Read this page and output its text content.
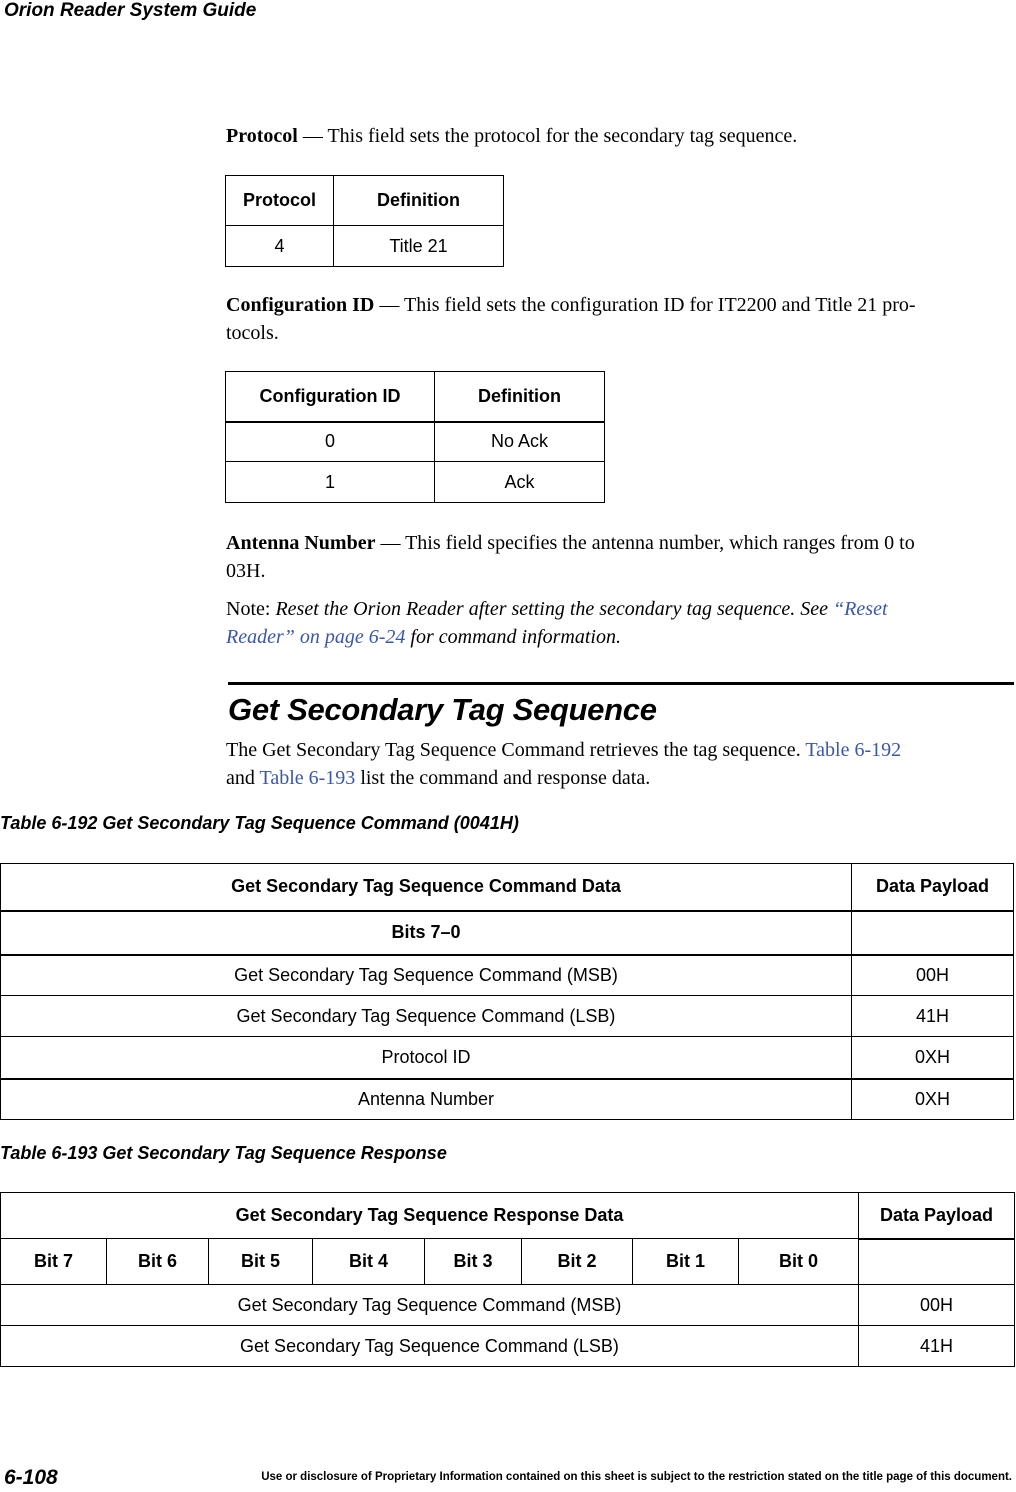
Orion Reader System Guide
Protocol — This field sets the protocol for the secondary tag sequence.
Protocol	Definition
4	Title 21
Configuration ID — This field sets the configuration ID for IT2200 and Title 21 pro-
tocols.
Configuration ID	Definition
0	No Ack
1	Ack
Antenna Number — This field specifies the antenna number, which ranges from 0 to
03H.
Note: Reset the Orion Reader after setting the secondary tag sequence. See “Reset
Reader” on page 6-24 for command information.
Get Secondary Tag Sequence
The Get Secondary Tag Sequence Command retrieves the tag sequence. Table 6-192
and Table 6-193 list the command and response data.
Table 6-192 Get Secondary Tag Sequence Command (0041H)
Get Secondary Tag Sequence Command Data	Data Payload
Bits 7–0	
Get Secondary Tag Sequence Command (MSB)	00H
Get Secondary Tag Sequence Command (LSB)	41H
Protocol ID	0XH
Antenna Number	0XH
Table 6-193 Get Secondary Tag Sequence Response
Get Secondary Tag Sequence Response Data								Data Payload
Bit 7	Bit 6	Bit 5	Bit 4	Bit 3	Bit 2	Bit 1	Bit 0	
Get Secondary Tag Sequence Command (MSB)								00H
Get Secondary Tag Sequence Command (LSB)								41H
6-108	Use or disclosure of Proprietary Information contained on this sheet is subject to the restriction stated on the title page of this document.
